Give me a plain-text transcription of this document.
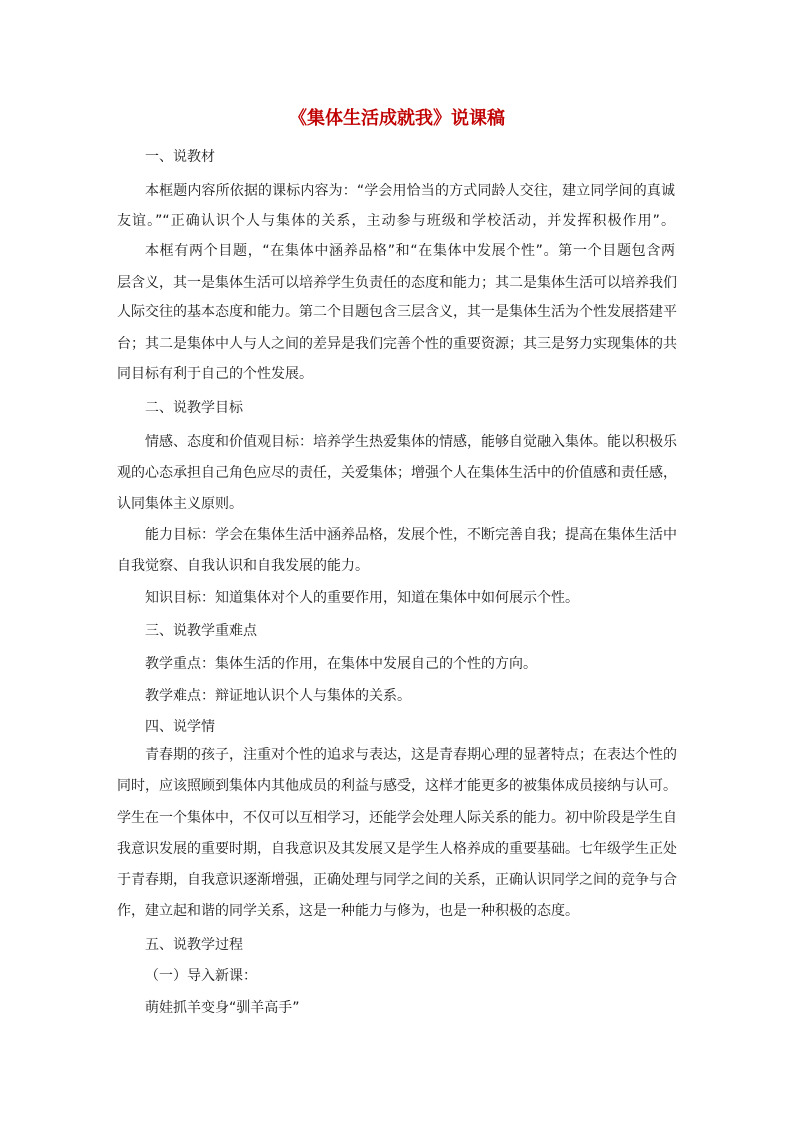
《集体生活成就我》说课稿
一、说教材
本框题内容所依据的课标内容为：“学会用恰当的方式同龄人交往，建立同学间的真诚
友谊。”“正确认识个人与集体的关系，主动参与班级和学校活动，并发挥积极作用”。
本框有两个目题，“在集体中涵养品格”和“在集体中发展个性”。第一个目题包含两
层含义，其一是集体生活可以培养学生负责任的态度和能力；其二是集体生活可以培养我们
人际交往的基本态度和能力。第二个目题包含三层含义，其一是集体生活为个性发展搭建平
台；其二是集体中人与人之间的差异是我们完善个性的重要资源；其三是努力实现集体的共
同目标有利于自己的个性发展。
二、说教学目标
情感、态度和价值观目标：培养学生热爱集体的情感，能够自觉融入集体。能以积极乐
观的心态承担自己角色应尽的责任，关爱集体；增强个人在集体生活中的价值感和责任感，
认同集体主义原则。
能力目标：学会在集体生活中涵养品格，发展个性，不断完善自我；提高在集体生活中
自我觉察、自我认识和自我发展的能力。
知识目标：知道集体对个人的重要作用，知道在集体中如何展示个性。
三、说教学重难点
教学重点：集体生活的作用，在集体中发展自己的个性的方向。
教学难点：辩证地认识个人与集体的关系。
四、说学情
青春期的孩子，注重对个性的追求与表达，这是青春期心理的显著特点；在表达个性的
同时，应该照顾到集体内其他成员的利益与感受，这样才能更多的被集体成员接纳与认可。
学生在一个集体中，不仅可以互相学习，还能学会处理人际关系的能力。初中阶段是学生自
我意识发展的重要时期，自我意识及其发展又是学生人格养成的重要基础。七年级学生正处
于青春期，自我意识逐渐增强，正确处理与同学之间的关系，正确认识同学之间的竞争与合
作，建立起和谐的同学关系，这是一种能力与修为，也是一种积极的态度。
五、说教学过程
（一）导入新课：
萌娃抓羊变身“驯羊高手”
